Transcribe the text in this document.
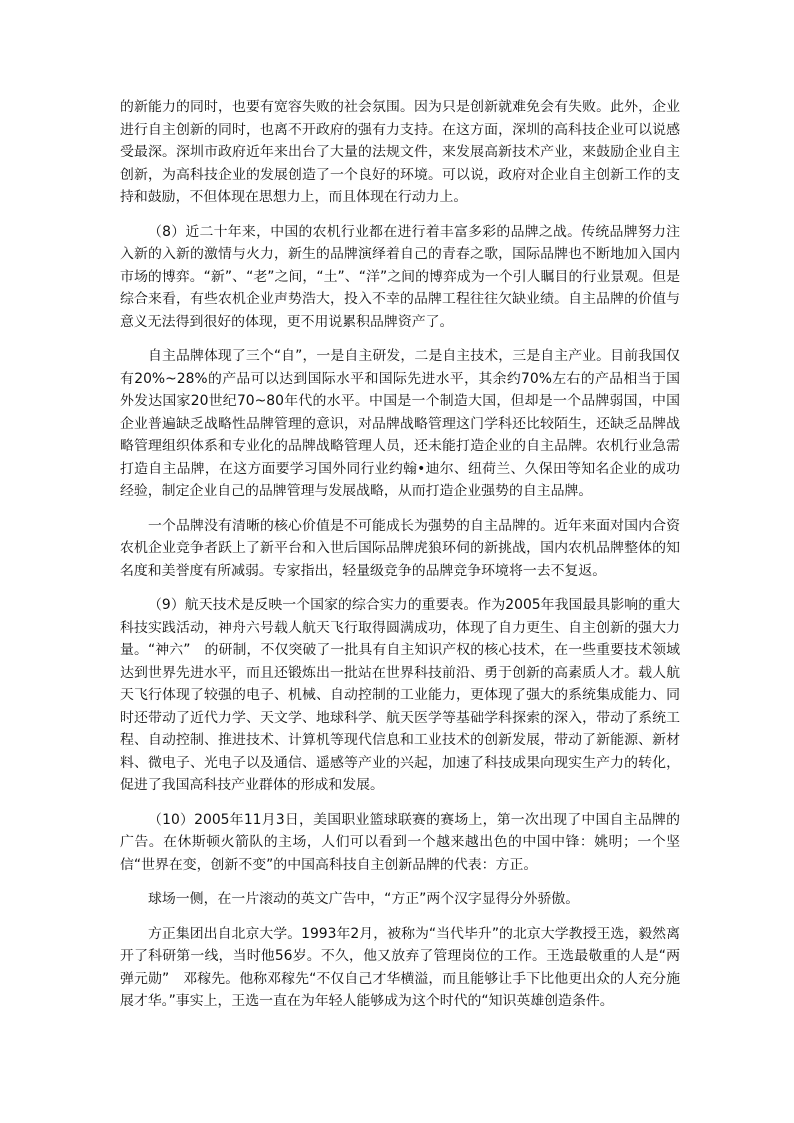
的新能力的同时，也要有宽容失败的社会氛围。因为只是创新就难免会有失败。此外，企业进行自主创新的同时，也离不开政府的强有力支持。在这方面，深圳的高科技企业可以说感受最深。深圳市政府近年来出台了大量的法规文件，来发展高新技术产业，来鼓励企业自主创新，为高科技企业的发展创造了一个良好的环境。可以说，政府对企业自主创新工作的支持和鼓励，不但体现在思想力上，而且体现在行动力上。

（8）近二十年来，中国的农机行业都在进行着丰富多彩的品牌之战。传统品牌努力注入新的入新的激情与火力，新生的品牌演绎着自己的青春之歌，国际品牌也不断地加入国内市场的博弈。“新”、“老”之间，“土”、“洋”之间的博弈成为一个引人瞩目的行业景观。但是综合来看，有些农机企业声势浩大，投入不幸的品牌工程往往欠缺业绩。自主品牌的价值与意义无法得到很好的体现，更不用说累积品牌资产了。

自主品牌体现了三个“自”，一是自主研发，二是自主技术，三是自主产业。目前我国仅有20%~28%的产品可以达到国际水平和国际先进水平，其余约70%左右的产品相当于国外发达国家20世纪70~80年代的水平。中国是一个制造大国，但却是一个品牌弱国，中国企业普遍缺乏战略性品牌管理的意识，对品牌战略管理这门学科还比较陌生，还缺乏品牌战略管理组织体系和专业化的品牌战略管理人员，还未能打造企业的自主品牌。农机行业急需打造自主品牌，在这方面要学习国外同行业约翰•迪尔、纽荷兰、久保田等知名企业的成功经验，制定企业自己的品牌管理与发展战略，从而打造企业强势的自主品牌。

一个品牌没有清晰的核心价值是不可能成长为强势的自主品牌的。近年来面对国内合资农机企业竞争者跃上了新平台和入世后国际品牌虎狼环伺的新挑战，国内农机品牌整体的知名度和美誉度有所减弱。专家指出，轻量级竞争的品牌竞争环境将一去不复返。

（9）航天技术是反映一个国家的综合实力的重要表。作为2005年我国最具影响的重大科技实践活动，神舟六号载人航天飞行取得圆满成功，体现了自力更生、自主创新的强大力量。“神六”　的研制，不仅突破了一批具有自主知识产权的核心技术，在一些重要技术领域达到世界先进水平，而且还锻炼出一批站在世界科技前沿、勇于创新的高素质人才。载人航天飞行体现了较强的电子、机械、自动控制的工业能力，更体现了强大的系统集成能力、同时还带动了近代力学、天文学、地球科学、航天医学等基础学科探索的深入，带动了系统工程、自动控制、推进技术、计算机等现代信息和工业技术的创新发展，带动了新能源、新材料、微电子、光电子以及通信、遥感等产业的兴起，加速了科技成果向现实生产力的转化，促进了我国高科技产业群体的形成和发展。

（10）2005年11月3日，美国职业篮球联赛的赛场上，第一次出现了中国自主品牌的广告。在休斯顿火箭队的主场，人们可以看到一个越来越出色的中国中锋：姚明；一个坚信“世界在变，创新不变”的中国高科技自主创新品牌的代表：方正。

球场一侧，在一片滚动的英文广告中，“方正”两个汉字显得分外骄傲。

方正集团出自北京大学。1993年2月，被称为“当代毕升”的北京大学教授王选，毅然离开了科研第一线，当时他56岁。不久，他又放弃了管理岗位的工作。王选最敬重的人是“两弹元勋”　邓稼先。他称邓稼先“不仅自己才华横溢，而且能够让手下比他更出众的人充分施展才华。”事实上，王选一直在为年轻人能够成为这个时代的“知识英雄创造条件。
